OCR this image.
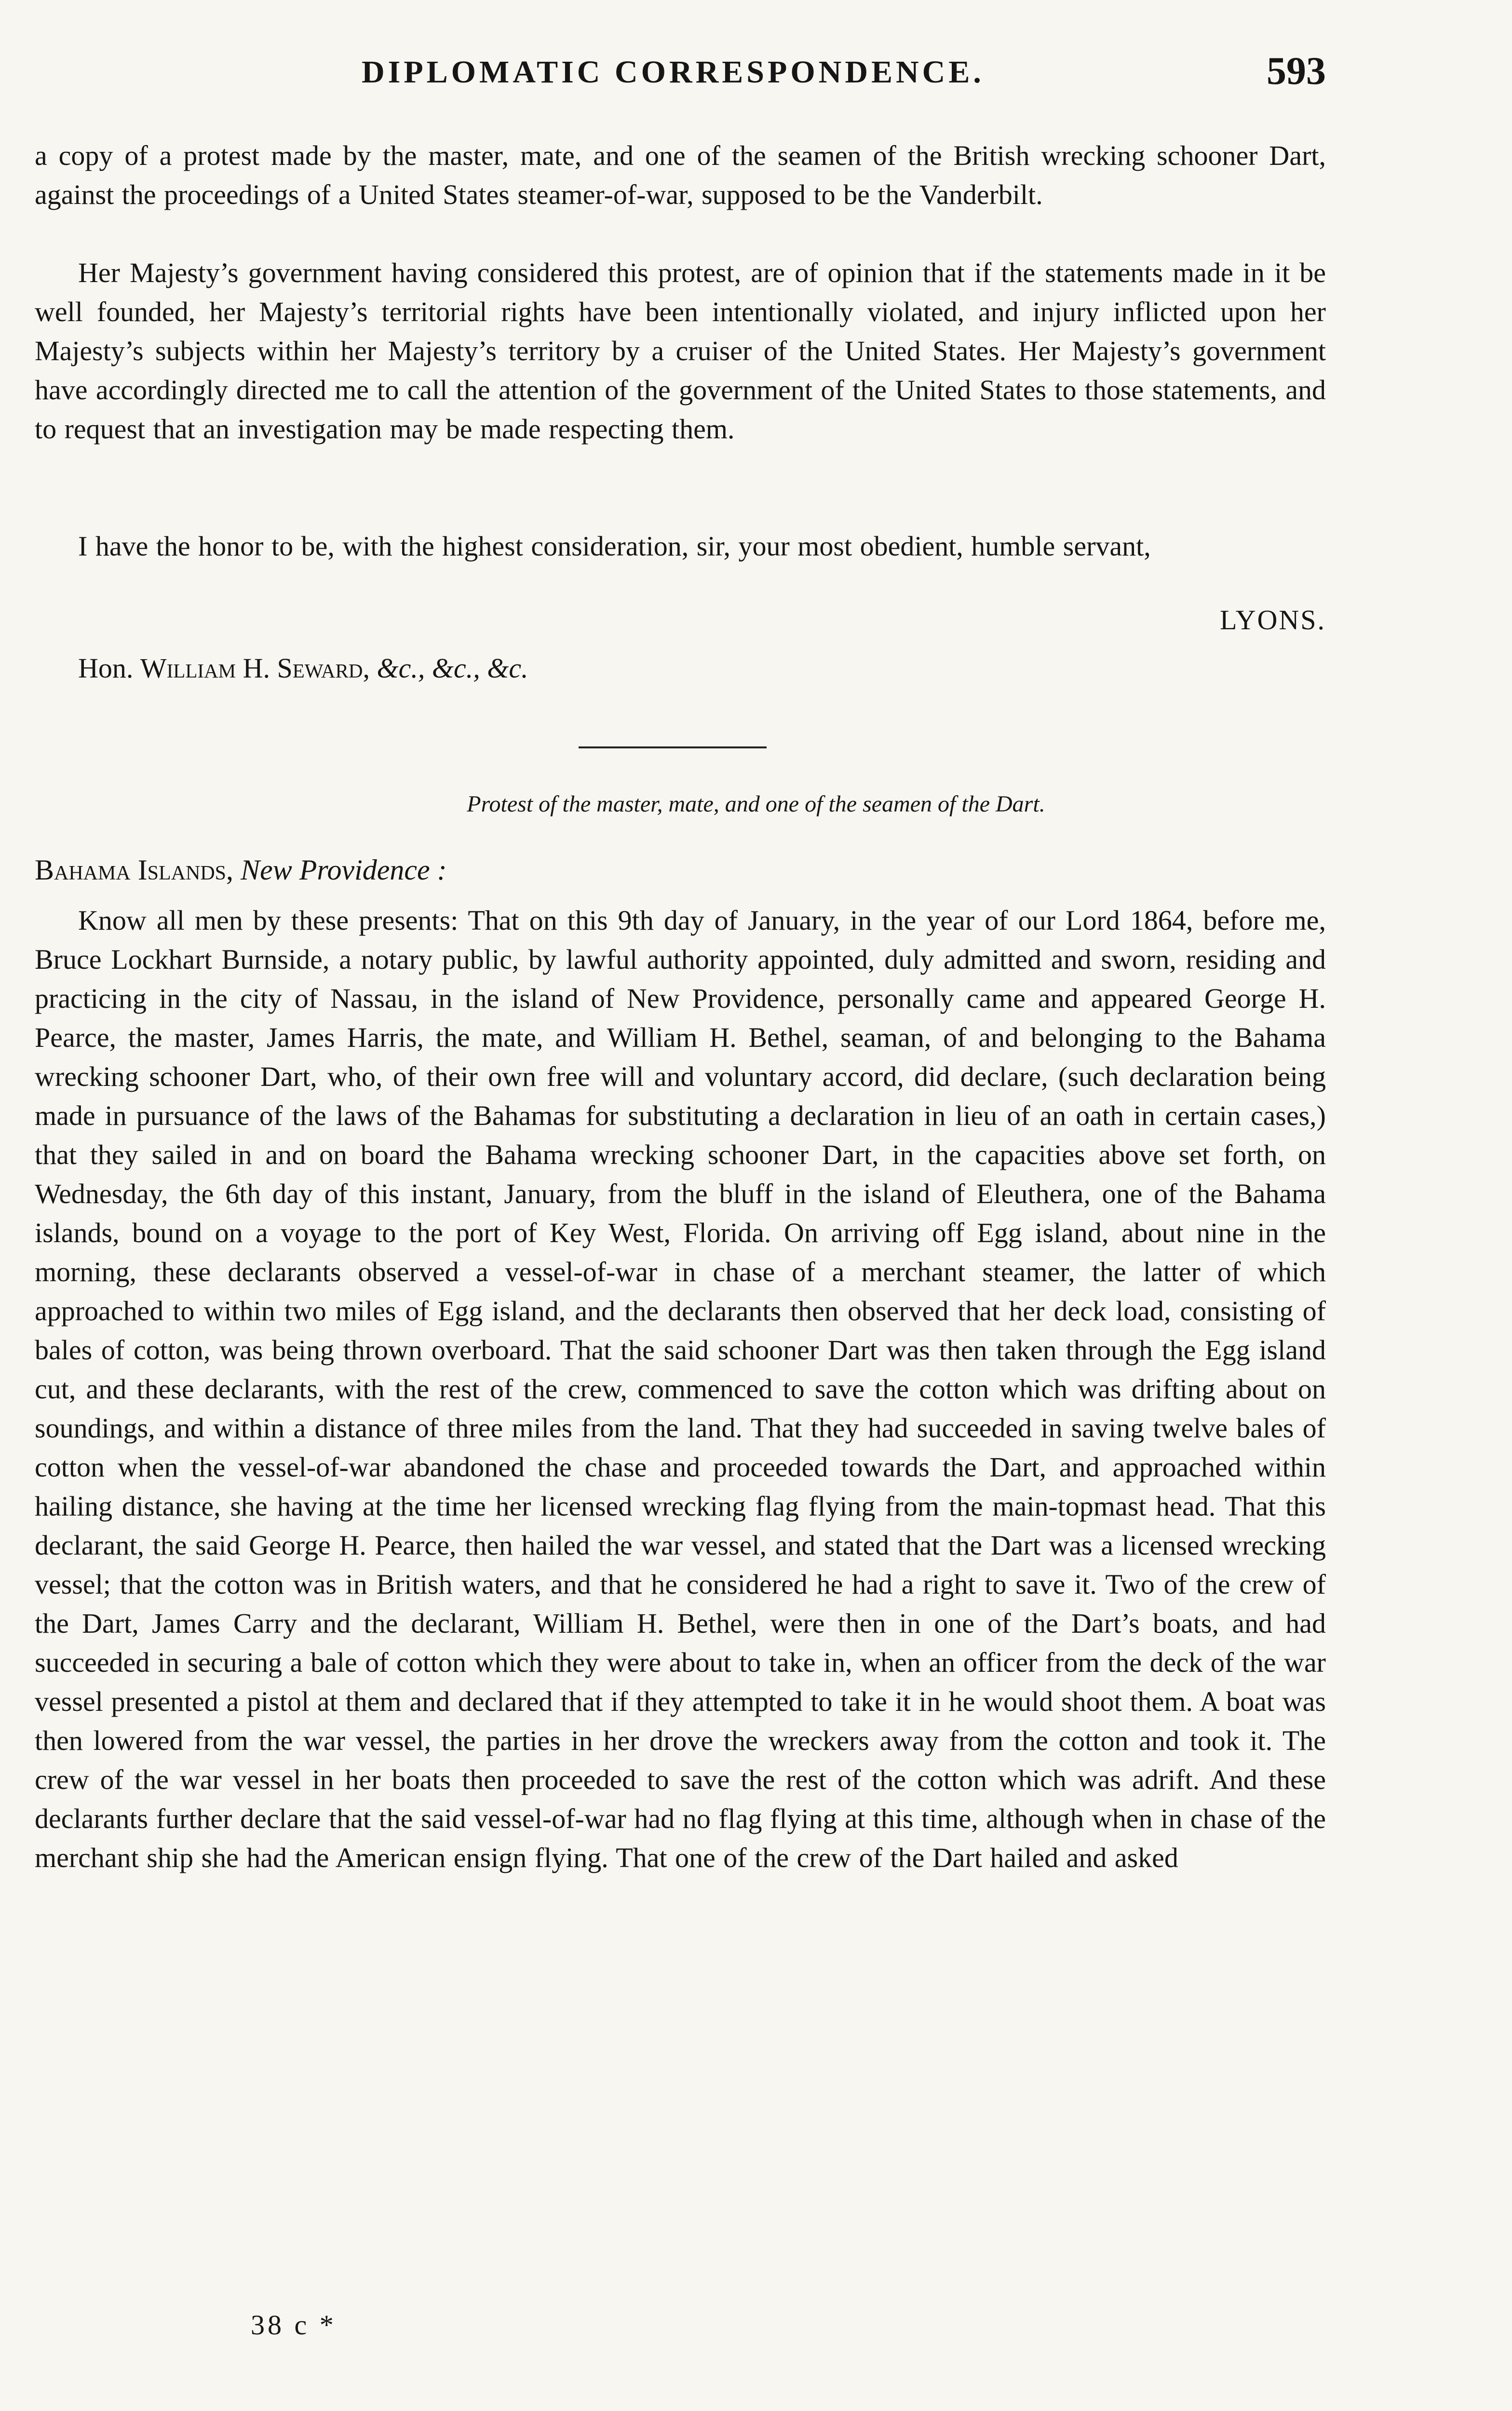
DIPLOMATIC CORRESPONDENCE.	593

a copy of a protest made by the master, mate, and one of the seamen of the British wrecking schooner Dart, against the proceedings of a United States steamer-of-war, supposed to be the Vanderbilt.

Her Majesty’s government having considered this protest, are of opinion that if the statements made in it be well founded, her Majesty’s territorial rights have been intentionally violated, and injury inflicted upon her Majesty’s subjects within her Majesty’s territory by a cruiser of the United States. Her Majesty’s government have accordingly directed me to call the attention of the government of the United States to those statements, and to request that an investigation may be made respecting them.

I have the honor to be, with the highest consideration, sir, your most obedient, humble servant,

LYONS.
Hon. William H. Seward, &c., &c., &c.
Protest of the master, mate, and one of the seamen of the Dart.
Bahama Islands, New Providence :

Know all men by these presents: That on this 9th day of January, in the year of our Lord 1864, before me, Bruce Lockhart Burnside, a notary public, by lawful authority appointed, duly admitted and sworn, residing and practicing in the city of Nassau, in the island of New Providence, personally came and appeared George H. Pearce, the master, James Harris, the mate, and William H. Bethel, seaman, of and belonging to the Bahama wrecking schooner Dart, who, of their own free will and voluntary accord, did declare, (such declaration being made in pursuance of the laws of the Bahamas for substituting a declaration in lieu of an oath in certain cases,) that they sailed in and on board the Bahama wrecking schooner Dart, in the capacities above set forth, on Wednesday, the 6th day of this instant, January, from the bluff in the island of Eleuthera, one of the Bahama islands, bound on a voyage to the port of Key West, Florida. On arriving off Egg island, about nine in the morning, these declarants observed a vessel-of-war in chase of a merchant steamer, the latter of which approached to within two miles of Egg island, and the declarants then observed that her deck load, consisting of bales of cotton, was being thrown overboard. That the said schooner Dart was then taken through the Egg island cut, and these declarants, with the rest of the crew, commenced to save the cotton which was drifting about on soundings, and within a distance of three miles from the land. That they had succeeded in saving twelve bales of cotton when the vessel-of-war abandoned the chase and proceeded towards the Dart, and approached within hailing distance, she having at the time her licensed wrecking flag flying from the main-topmast head. That this declarant, the said George H. Pearce, then hailed the war vessel, and stated that the Dart was a licensed wrecking vessel; that the cotton was in British waters, and that he considered he had a right to save it. Two of the crew of the Dart, James Carry and the declarant, William H. Bethel, were then in one of the Dart’s boats, and had succeeded in securing a bale of cotton which they were about to take in, when an officer from the deck of the war vessel presented a pistol at them and declared that if they attempted to take it in he would shoot them. A boat was then lowered from the war vessel, the parties in her drove the wreckers away from the cotton and took it. The crew of the war vessel in her boats then proceeded to save the rest of the cotton which was adrift. And these declarants further declare that the said vessel-of-war had no flag flying at this time, although when in chase of the merchant ship she had the American ensign flying. That one of the crew of the Dart hailed and asked

38 c *
